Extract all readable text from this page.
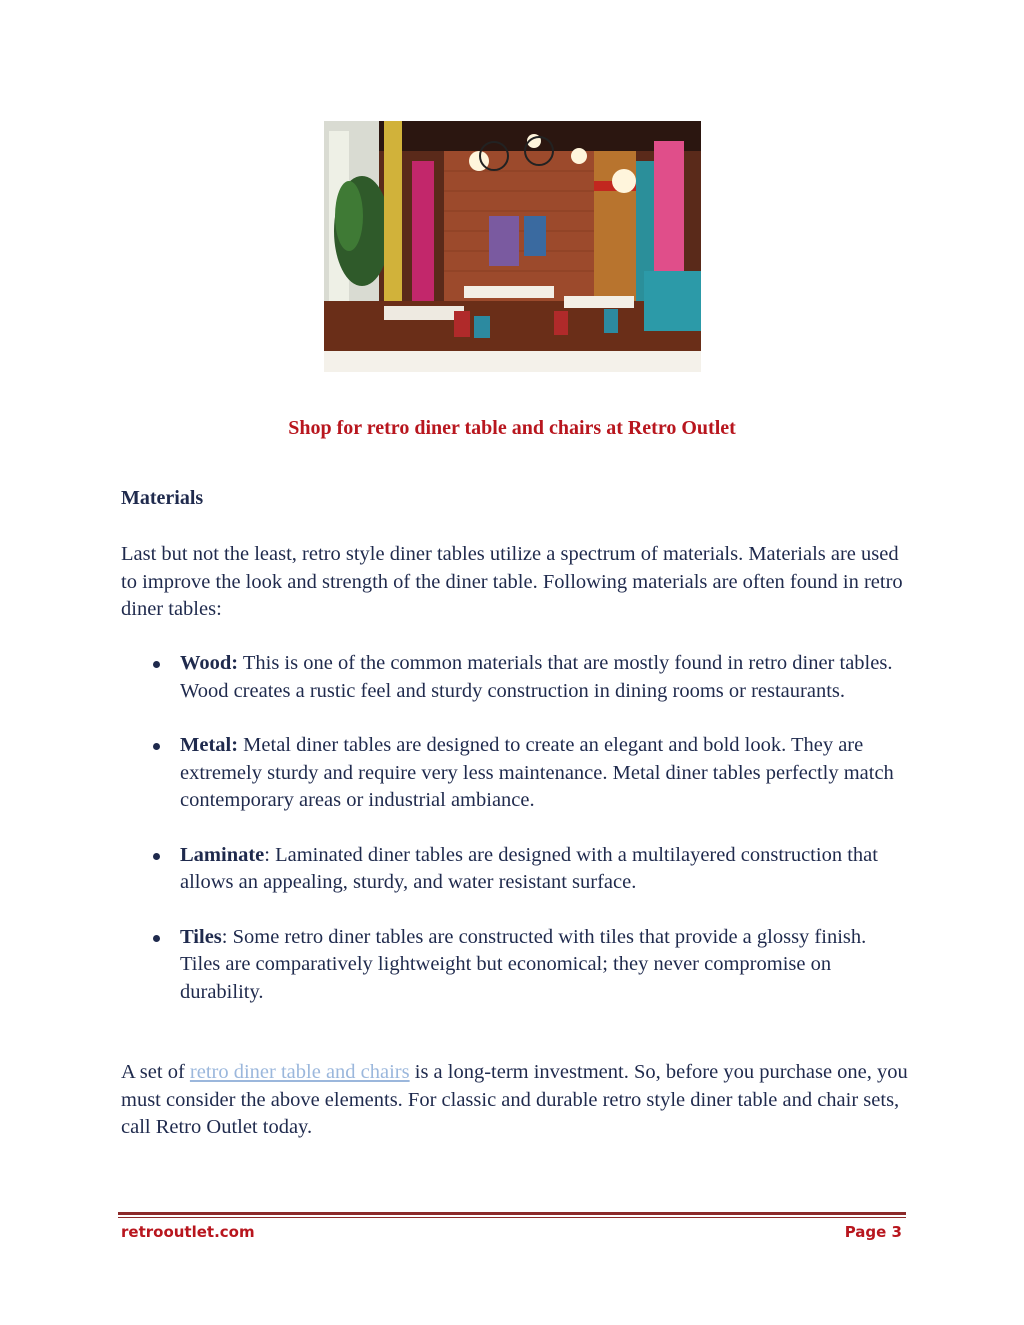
Shop for retro diner table and chairs at Retro Outlet
Materials

Last but not the least, retro style diner tables utilize a spectrum of materials. Materials are used to improve the look and strength of the diner table. Following materials are often found in retro diner tables:

Wood: This is one of the common materials that are mostly found in retro diner tables. Wood creates a rustic feel and sturdy construction in dining rooms or restaurants.
Metal: Metal diner tables are designed to create an elegant and bold look. They are extremely sturdy and require very less maintenance. Metal diner tables perfectly match contemporary areas or industrial ambiance.
Laminate: Laminated diner tables are designed with a multilayered construction that allows an appealing, sturdy, and water resistant surface.
Tiles: Some retro diner tables are constructed with tiles that provide a glossy finish. Tiles are comparatively lightweight but economical; they never compromise on durability.

A set of retro diner table and chairs is a long-term investment. So, before you purchase one, you must consider the above elements. For classic and durable retro style diner table and chair sets, call Retro Outlet today.

retrooutlet.com	Page 3
